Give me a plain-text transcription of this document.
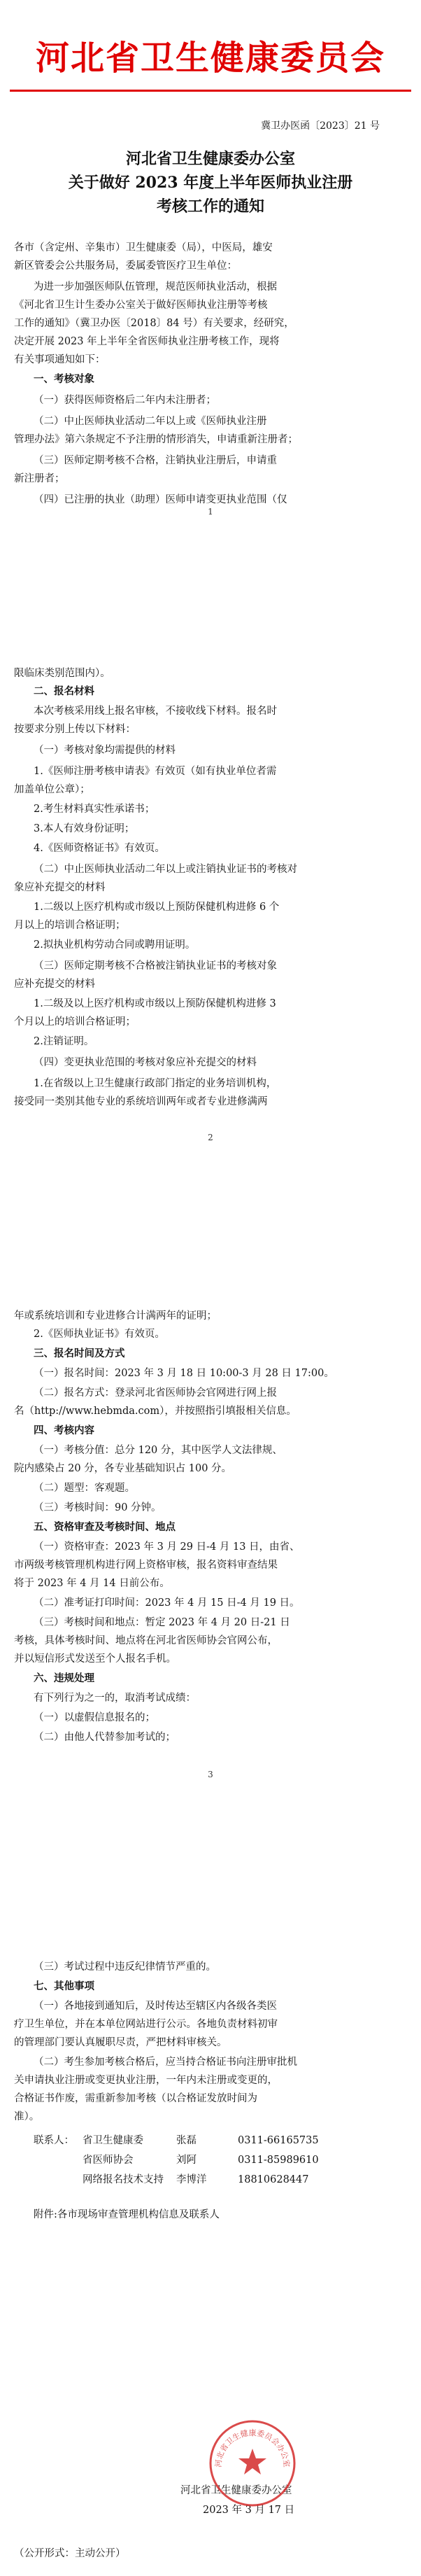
河北省卫生健康委员会
冀卫办医函〔2023〕21 号
河北省卫生健康委办公室
关于做好 2023 年度上半年医师执业注册
考核工作的通知
各市（含定州、辛集市）卫生健康委（局），中医局，雄安
新区管委会公共服务局，委属委管医疗卫生单位：
为进一步加强医师队伍管理，规范医师执业活动，根据
《河北省卫生计生委办公室关于做好医师执业注册等考核
工作的通知》（冀卫办医〔2018〕84 号）有关要求，经研究，
决定开展 2023 年上半年全省医师执业注册考核工作，现将
有关事项通知如下：
一、考核对象
（一）获得医师资格后二年内未注册者；
（二）中止医师执业活动二年以上或《医师执业注册
管理办法》第六条规定不予注册的情形消失，申请重新注册者；
（三）医师定期考核不合格，注销执业注册后，申请重
新注册者；
（四）已注册的执业（助理）医师申请变更执业范围（仅
1
限临床类别范围内）。
二、报名材料
本次考核采用线上报名审核，不接收线下材料。报名时
按要求分别上传以下材料：
（一）考核对象均需提供的材料
1.《医师注册考核申请表》有效页（如有执业单位者需
加盖单位公章）；
2.考生材料真实性承诺书；
3.本人有效身份证明；
4.《医师资格证书》有效页。
（二）中止医师执业活动二年以上或注销执业证书的考核对
象应补充提交的材料
1.二级以上医疗机构或市级以上预防保健机构进修 6 个
月以上的培训合格证明；
2.拟执业机构劳动合同或聘用证明。
（三）医师定期考核不合格被注销执业证书的考核对象
应补充提交的材料
1.二级及以上医疗机构或市级以上预防保健机构进修 3
个月以上的培训合格证明；
2.注销证明。
（四）变更执业范围的考核对象应补充提交的材料
1.在省级以上卫生健康行政部门指定的业务培训机构，
接受同一类别其他专业的系统培训两年或者专业进修满两
2
年或系统培训和专业进修合计满两年的证明；
2.《医师执业证书》有效页。
三、报名时间及方式
（一）报名时间：2023 年 3 月 18 日 10:00-3 月 28 日 17:00。
（二）报名方式：登录河北省医师协会官网进行网上报
名（http://www.hebmda.com），并按照指引填报相关信息。
四、考核内容
（一）考核分值：总分 120 分，其中医学人文法律规、
院内感染占 20 分，各专业基础知识占 100 分。
（二）题型：客观题。
（三）考核时间：90 分钟。
五、资格审查及考核时间、地点
（一）资格审查：2023 年 3 月 29 日-4 月 13 日，由省、
市两级考核管理机构进行网上资格审核，报名资料审查结果
将于 2023 年 4 月 14 日前公布。
（二）准考证打印时间：2023 年 4 月 15 日-4 月 19 日。
（三）考核时间和地点：暂定 2023 年 4 月 20 日-21 日
考核，具体考核时间、地点将在河北省医师协会官网公布，
并以短信形式发送至个人报名手机。
六、违规处理
有下列行为之一的，取消考试成绩：
（一）以虚假信息报名的；
（二）由他人代替参加考试的；
3
（三）考试过程中违反纪律情节严重的。
七、其他事项
（一）各地接到通知后，及时传达至辖区内各级各类医
疗卫生单位，并在本单位网站进行公示。各地负责材料初审
的管理部门要认真履职尽责，严把材料审核关。
（二）考生参加考核合格后，应当持合格证书向注册审批机
关申请执业注册或变更执业注册，一年内未注册或变更的，
合格证书作废，需重新参加考核（以合格证发放时间为
准）。
联系人： 省卫生健康委	张磊	0311-66165735
省医师协会	刘阿	0311-85989610
网络报名技术支持 李博洋	18810628447
附件:各市现场审查管理机构信息及联系人
河北省卫生健康委办公室
2023 年 3 月 17 日
（公开形式：主动公开）
河北省卫生健康委员会办公室
